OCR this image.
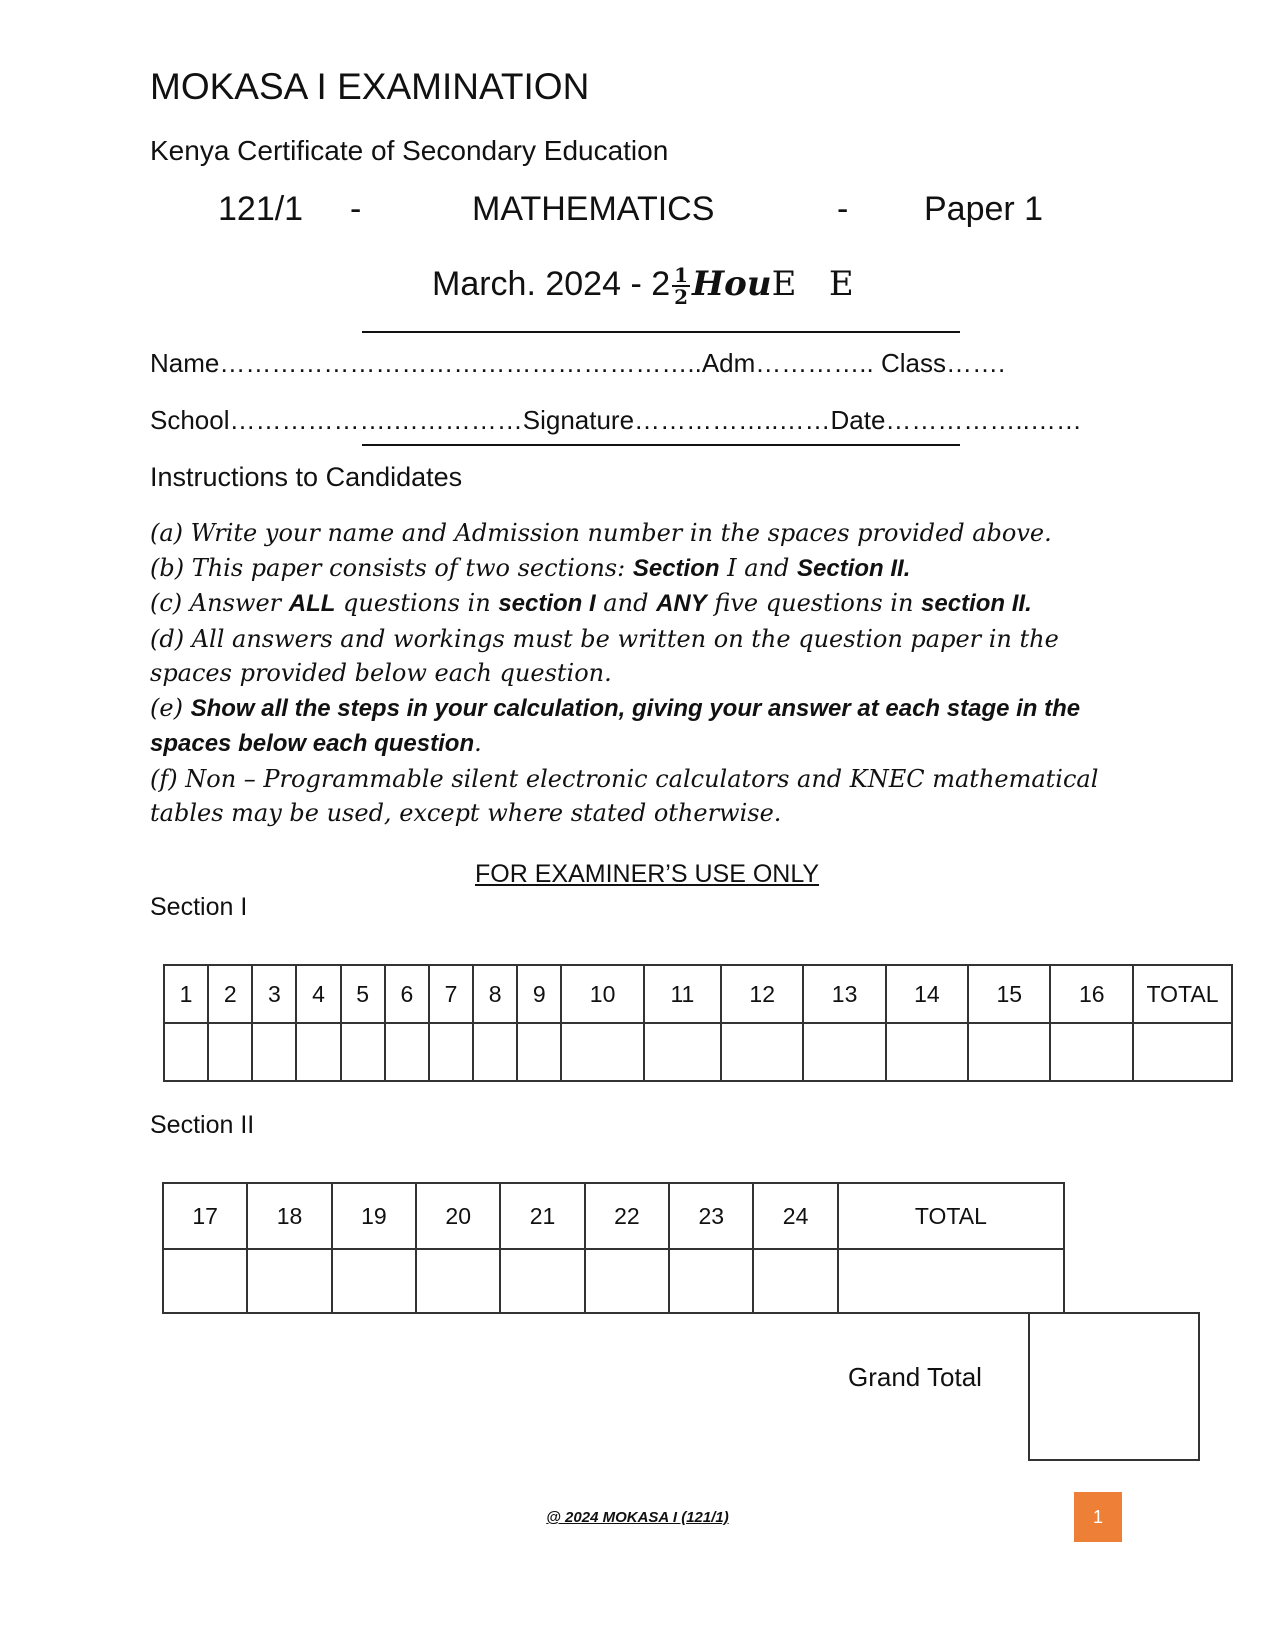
MOKASA I EXAMINATION
Kenya Certificate of Secondary Education
121/1 -	MATHEMATICS	- Paper 1
March. $2024 - 2 \frac{1}{2}$ 𝑯𝒐𝒖E   E
Name………………………………………………..Adm………….. Class…….
School……………….……………Signature……………..……Date……………..……
Instructions to Candidates
(a) Write your name and Admission number in the spaces provided above.
(b) This paper consists of two sections: Section I and Section II.
(c) Answer ALL questions in section I and ANY five questions in section II.
(d) All answers and workings must be written on the question paper in the spaces provided below each question.
(e) Show all the steps in your calculation, giving your answer at each stage in the spaces below each question.
(f) Non – Programmable silent electronic calculators and KNEC mathematical tables may be used, except where stated otherwise.
FOR EXAMINER’S USE ONLY
Section I
1	2	3	4	5	6	7	8	9	10	11	12	13	14	15	16	TOTAL

Section II
17	18	19	20	21	22	23	24	TOTAL

Grand Total
@ 2024 MOKASA I (121/1)	1
